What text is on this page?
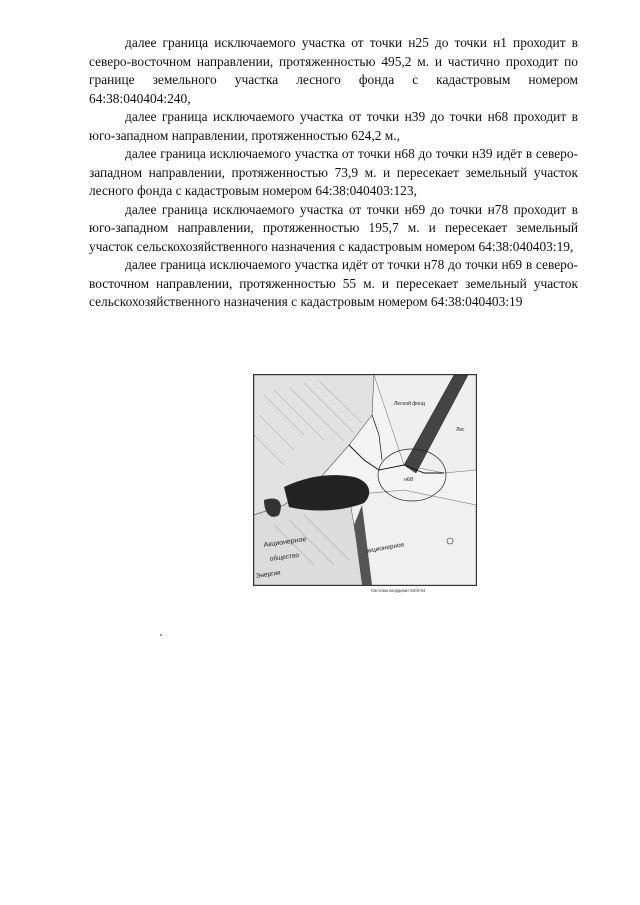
далее граница исключаемого участка от точки н25 до точки н1 проходит в северо-восточном направлении, протяженностью 495,2 м. и частично проходит по границе земельного участка лесного фонда с кадастровым номером 64:38:040404:240,

далее граница исключаемого участка от точки н39 до точки н68 проходит в юго-западном направлении, протяженностью 624,2 м.,

далее граница исключаемого участка от точки н68 до точки н39 идёт в северо-западном направлении, протяженностью 73,9 м. и пересекает земельный участок лесного фонда с кадастровым номером 64:38:040403:123,

далее граница исключаемого участка от точки н69 до точки н78 проходит в юго-западном направлении, протяженностью 195,7 м. и пересекает земельный участок сельскохозяйственного назначения с кадастровым номером 64:38:040403:19,

далее граница исключаемого участка идёт от точки н78 до точки н69 в северо-восточном направлении, протяженностью 55 м. и пересекает земельный участок сельскохозяйственного назначения с кадастровым номером 64:38:040403:19

Акционерное
общество
Энергия
акционерное
н68
Лесной фонд
Лес
Система координат МСК-64
